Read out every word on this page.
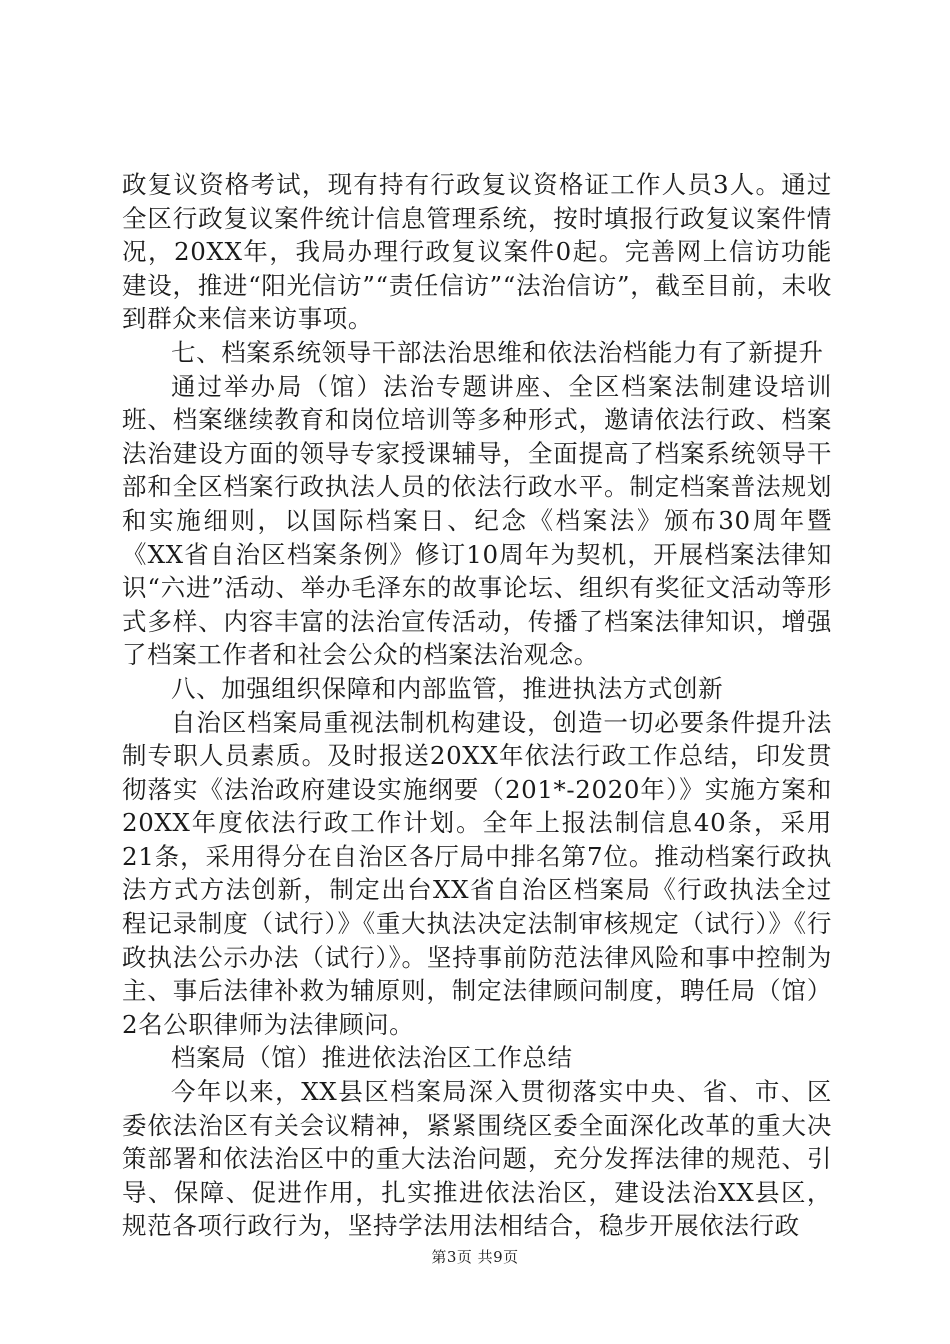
政复议资格考试，现有持有行政复议资格证工作人员3人。通过全区行政复议案件统计信息管理系统，按时填报行政复议案件情况，20XX年，我局办理行政复议案件0起。完善网上信访功能建设，推进“阳光信访”“责任信访”“法治信访”，截至目前，未收到群众来信来访事项。

七、档案系统领导干部法治思维和依法治档能力有了新提升

通过举办局（馆）法治专题讲座、全区档案法制建设培训班、档案继续教育和岗位培训等多种形式，邀请依法行政、档案法治建设方面的领导专家授课辅导，全面提高了档案系统领导干部和全区档案行政执法人员的依法行政水平。制定档案普法规划和实施细则，以国际档案日、纪念《档案法》颁布30周年暨《XX省自治区档案条例》修订10周年为契机，开展档案法律知识“六进”活动、举办毛泽东的故事论坛、组织有奖征文活动等形式多样、内容丰富的法治宣传活动，传播了档案法律知识，增强了档案工作者和社会公众的档案法治观念。

八、加强组织保障和内部监管，推进执法方式创新

自治区档案局重视法制机构建设，创造一切必要条件提升法制专职人员素质。及时报送20XX年依法行政工作总结，印发贯彻落实《法治政府建设实施纲要（201*-2020年）》实施方案和20XX年度依法行政工作计划。全年上报法制信息40条，采用21条，采用得分在自治区各厅局中排名第7位。推动档案行政执法方式方法创新，制定出台XX省自治区档案局《行政执法全过程记录制度（试行）》《重大执法决定法制审核规定（试行）》《行政执法公示办法（试行）》。坚持事前防范法律风险和事中控制为主、事后法律补救为辅原则，制定法律顾问制度，聘任局（馆）2名公职律师为法律顾问。

档案局（馆）推进依法治区工作总结

今年以来，XX县区档案局深入贯彻落实中央、省、市、区委依法治区有关会议精神，紧紧围绕区委全面深化改革的重大决策部署和依法治区中的重大法治问题，充分发挥法律的规范、引导、保障、促进作用，扎实推进依法治区，建设法治XX县区，规范各项行政行为，坚持学法用法相结合，稳步开展依法行政

第3页 共9页
